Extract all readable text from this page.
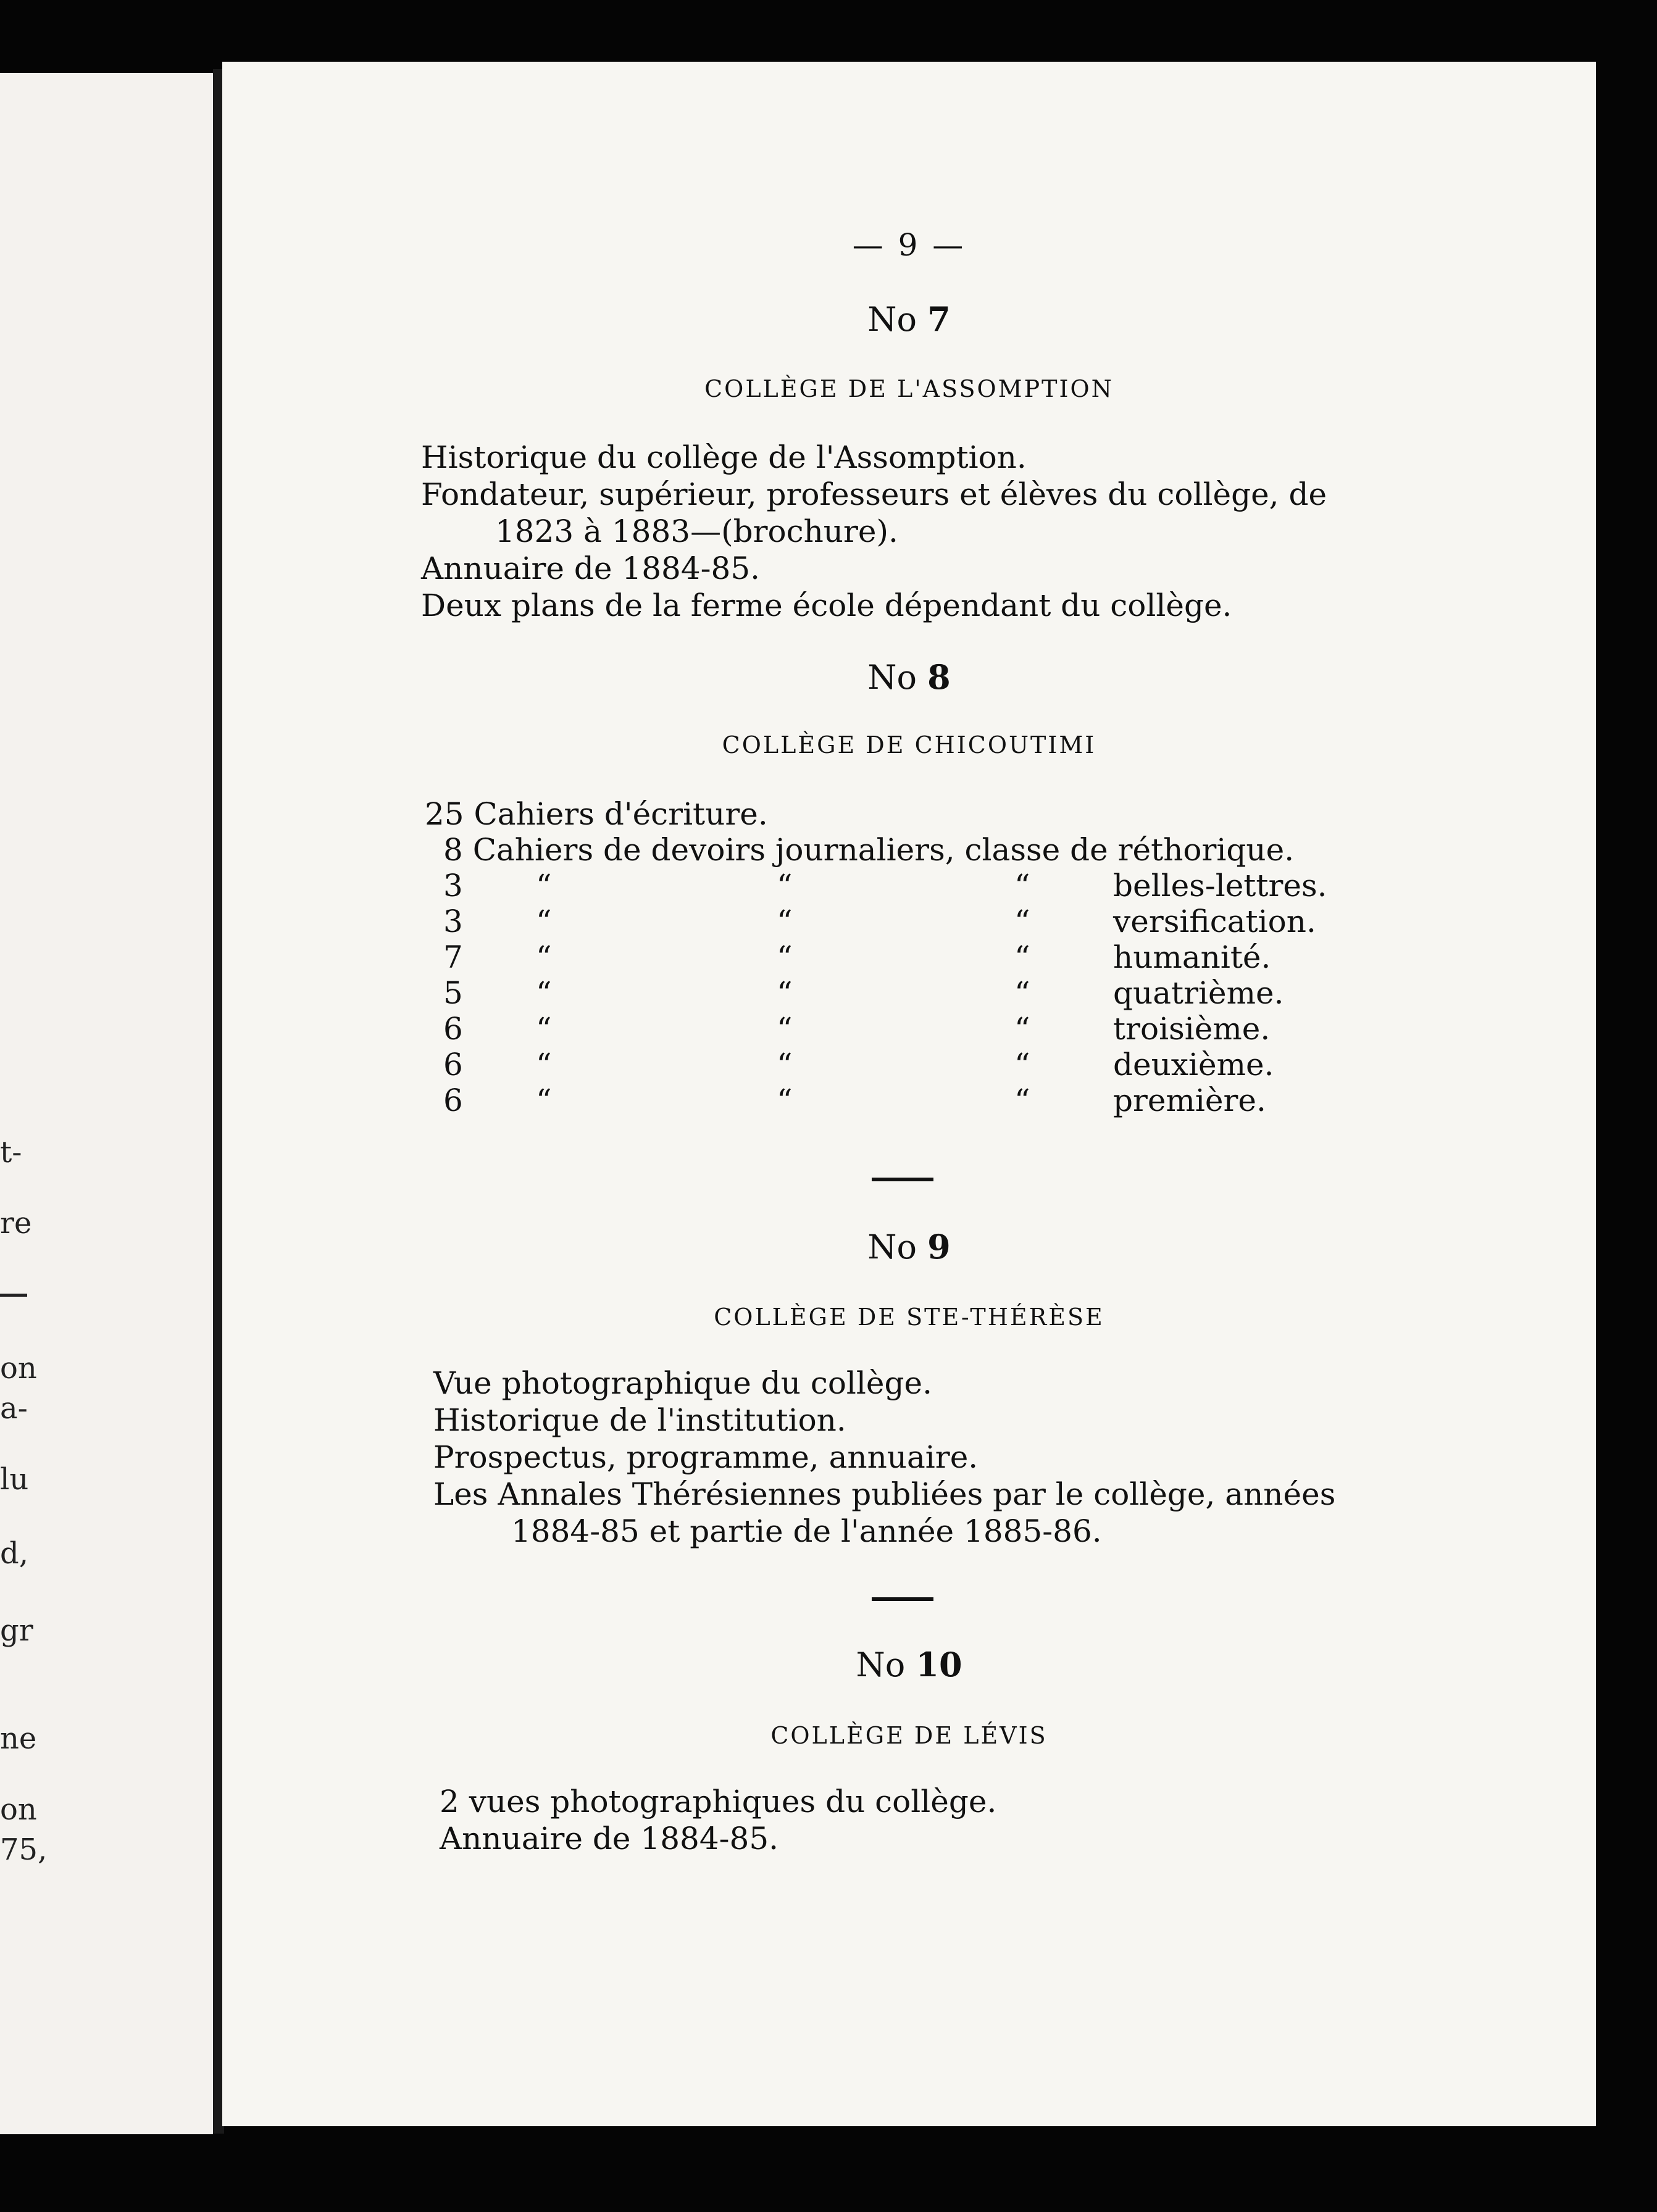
t-
re
on
a-
lu
d,
gr
ne
on
75,
— 9 —
No 7
COLLÈGE DE L'ASSOMPTION
Historique du collège de l'Assomption.
Fondateur, supérieur, professeurs et élèves du collège, de
1823 à 1883—(brochure).
Annuaire de 1884-85.
Deux plans de la ferme école dépendant du collège.
No 8
COLLÈGE DE CHICOUTIMI
25 Cahiers d'écriture.
8 Cahiers de devoirs journaliers, classe de réthorique.
3 “	“	“	belles-lettres.
3 “	“	“	versification.
7 “	“	“	humanité.
5 “	“	“	quatrième.
6 “	“	“	troisième.
6 “	“	“	deuxième.
6 “	“	“	première.
No 9
COLLÈGE DE STE-THÉRÈSE
Vue photographique du collège.
Historique de l'institution.
Prospectus, programme, annuaire.
Les Annales Thérésiennes publiées par le collège, années
1884-85 et partie de l'année 1885-86.
No 10
COLLÈGE DE LÉVIS
2 vues photographiques du collège.
Annuaire de 1884-85.
